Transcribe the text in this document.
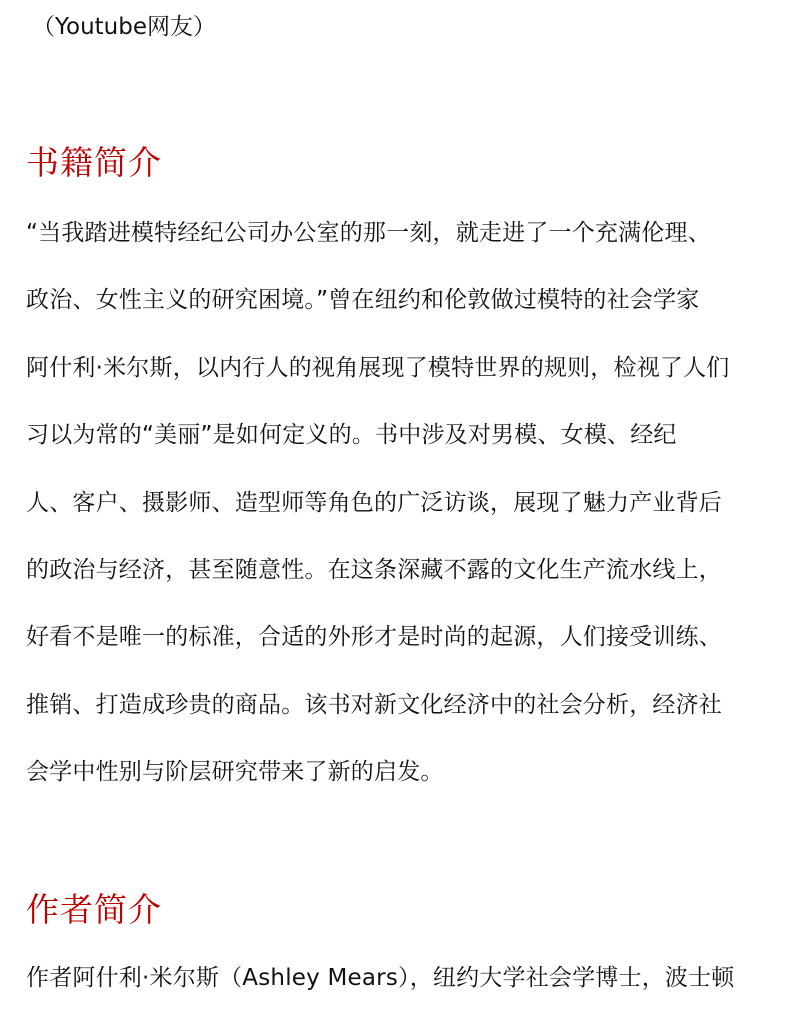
（Youtube网友）
书籍简介
“当我踏进模特经纪公司办公室的那一刻，就走进了一个充满伦理、
政治、女性主义的研究困境。”曾在纽约和伦敦做过模特的社会学家
阿什利·米尔斯，以内行人的视角展现了模特世界的规则，检视了人们
习以为常的“美丽”是如何定义的。书中涉及对男模、女模、经纪
人、客户、摄影师、造型师等角色的广泛访谈，展现了魅力产业背后
的政治与经济，甚至随意性。在这条深藏不露的文化生产流水线上，
好看不是唯一的标准，合适的外形才是时尚的起源，人们接受训练、
推销、打造成珍贵的商品。该书对新文化经济中的社会分析，经济社
会学中性别与阶层研究带来了新的启发。
作者简介
作者阿什利·米尔斯（Ashley Mears），纽约大学社会学博士，波士顿
